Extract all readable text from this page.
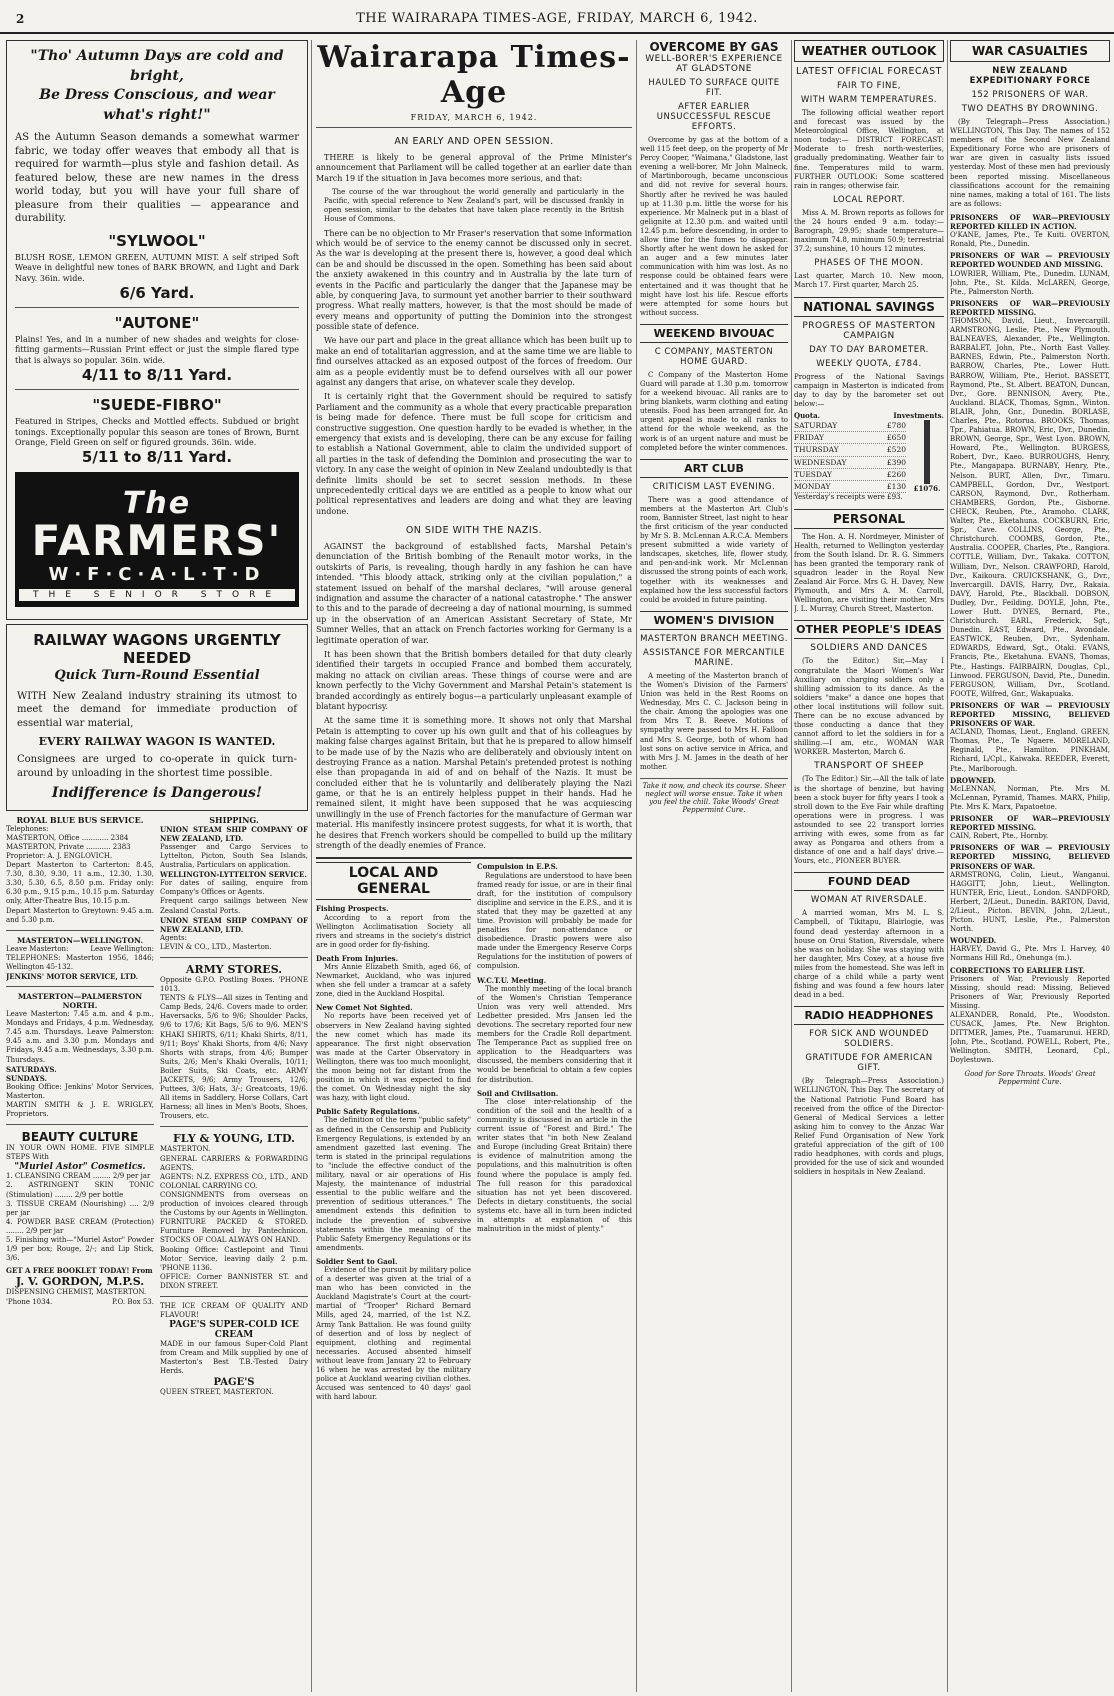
2	THE WAIRARAPA TIMES-AGE, FRIDAY, MARCH 6, 1942.
"Tho' Autumn Days are cold and bright,
Be Dress Conscious, and wear what's right!"
AS the Autumn Season demands a somewhat warmer fabric, we today offer weaves that embody all that is required for warmth—plus style and fashion detail. As featured below, these are new names in the dress world today, but you will have your full share of pleasure from their qualities — appearance and durability.
"SYLWOOL"
BLUSH ROSE, LEMON GREEN, AUTUMN MIST. A self striped Soft Weave in delightful new tones of BARK BROWN, and Light and Dark Navy. 36in. wide.
6/6 Yard.
"AUTONE"
Plains! Yes, and in a number of new shades and weights for close-fitting garments—Russian Print effect or just the simple flared type that is always so popular. 36in. wide.
4/11 to 8/11 Yard.
"SUEDE-FIBRO"
Featured in Stripes, Checks and Mottled effects. Subdued or bright tonings. Exceptionally popular this season are tones of Brown, Burnt Orange, Field Green on self or figured grounds. 36in. wide.
5/11 to 8/11 Yard.
The FARMERS'
W·F·C·A·L·T·D
THE SENIOR STORE
RAILWAY WAGONS URGENTLY NEEDED
Quick Turn-Round Essential
WITH New Zealand industry straining its utmost to meet the demand for immediate production of essential war material,
EVERY RAILWAY WAGON IS WANTED.
Consignees are urged to co-operate in quick turn-around by unloading in the shortest time possible.
Indifference is Dangerous!
ROYAL BLUE BUS SERVICE.
Telephones:
MASTERTON, Office ............ 2384
MASTERTON, Private ........... 2383
Proprietor: A. J. ENGLOVICH.
Depart Masterton to Carterton: 8.45, 7.30, 8.30, 9.30, 11 a.m., 12.30, 1.30, 3.30, 5.30, 6.5, 8.50 p.m. Friday only: 6.30 p.m., 9.15 p.m., 10.15 p.m. Saturday only, After-Theatre Bus, 10.15 p.m.
Depart Masterton to Greytown: 9.45 a.m. and 5.30 p.m.
MASTERTON—WELLINGTON.
Leave Masterton:	Leave Wellington:
TELEPHONES: Masterton 1956, 1846; Wellington 45-132.
JENKINS' MOTOR SERVICE, LTD.
MASTERTON—PALMERSTON NORTH.
Leave Masterton: 7.45 a.m. and 4 p.m., Mondays and Fridays, 4 p.m. Wednesday, 7.45 a.m. Thursdays. Leave Palmerston: 9.45 a.m. and 3.30 p.m. Mondays and Fridays, 9.45 a.m. Wednesdays, 3.30 p.m. Thursdays.
SATURDAYS.
SUNDAYS.
Booking Office: Jenkins' Motor Services, Masterton.
MARTIN SMITH & J. E. WRIGLEY, Proprietors.
BEAUTY CULTURE
IN YOUR OWN HOME. FIVE SIMPLE STEPS With
"Muriel Astor" Cosmetics.
1. CLEANSING CREAM ........ 2/9 per jar
2. ASTRINGENT SKIN TONIC (Stimulation) ........ 2/9 per bottle
3. TISSUE CREAM (Nourishing) .... 2/9 per jar
4. POWDER BASE CREAM (Protection) ........ 2/9 per jar
5. Finishing with—"Muriel Astor" Powder 1/9 per box; Rouge, 2/-; and Lip Stick, 3/6.
GET A FREE BOOKLET TODAY! From
J. V. GORDON, M.P.S.
DISPENSING CHEMIST, MASTERTON.
'Phone 1034.	P.O. Box 53.
SHIPPING.
UNION STEAM SHIP COMPANY OF NEW ZEALAND, LTD.
Passenger and Cargo Services to Lyttelton, Picton, South Sea Islands, Australia, Particulars on application.
WELLINGTON-LYTTELTON SERVICE.
For dates of sailing, enquire from Company's Offices or Agents.
Frequent cargo sailings between New Zealand Coastal Ports.
UNION STEAM SHIP COMPANY OF NEW ZEALAND, LTD.
Agents:
LEVIN & CO., LTD., Masterton.
ARMY STORES.
Opposite G.P.O. Postling Boxes. 'PHONE 1013.
TENTS & FLYS—All sizes in Tenting and Camp Beds, 24/6. Covers made to order. Haversacks, 5/6 to 9/6; Shoulder Packs, 9/6 to 17/6; Kit Bags, 5/6 to 9/6. MEN'S KHAKI SHIRTS, 6/11; Khaki Shirts, 8/11, 9/11; Boys' Khaki Shorts, from 4/6; Navy Shorts with straps, from 4/6; Bumper Suits, 2/6; Men's Khaki Overalls, 10/11; Boiler Suits, Ski Coats, etc. ARMY JACKETS, 9/6; Army Trousers, 12/6; Puttees, 3/6; Hats, 3/-; Greatcoats, 19/6. All items in Saddlery, Horse Collars, Cart Harness; all lines in Men's Boots, Shoes, Trousers, etc.
FLY & YOUNG, LTD.
MASTERTON.
GENERAL CARRIERS & FORWARDING AGENTS.
AGENTS: N.Z. EXPRESS CO., LTD., AND COLONIAL CARRYING CO.
CONSIGNMENTS from overseas on production of invoices cleared through the Customs by our Agents in Wellington. FURNITURE PACKED & STORED. Furniture Removed by Pantechnicon. STOCKS OF COAL ALWAYS ON HAND.
Booking Office: Castlepoint and Tinui Motor Service, leaving daily 2 p.m. 'PHONE 1136.
OFFICE: Corner BANNISTER ST. and DIXON STREET.
THE ICE CREAM OF QUALITY AND FLAVOUR!
PAGE'S SUPER-COLD ICE CREAM
MADE in our famous Super-Cold Plant from Cream and Milk supplied by one of Masterton's Best T.B.-Tested Dairy Herds.
PAGE'S
QUEEN STREET, MASTERTON.
Wairarapa Times-Age
FRIDAY, MARCH 6, 1942.
AN EARLY AND OPEN SESSION.
THERE is likely to be general approval of the Prime Minister's announcement that Parliament will be called together at an earlier date than March 19 if the situation in Java becomes more serious, and that:
The course of the war throughout the world generally and particularly in the Pacific, with special reference to New Zealand's part, will be discussed frankly in open session, similar to the debates that have taken place recently in the British House of Commons.
There can be no objection to Mr Fraser's reservation that some information which would be of service to the enemy cannot be discussed only in secret. As the war is developing at the present there is, however, a good deal which can be and should be discussed in the open. Something has been said about the anxiety awakened in this country and in Australia by the late turn of events in the Pacific and particularly the danger that the Japanese may be able, by conquering Java, to surmount yet another barrier to their southward progress. What really matters, however, is that the most should be made of every means and opportunity of putting the Dominion into the strongest possible state of defence.
We have our part and place in the great alliance which has been built up to make an end of totalitarian aggression, and at the same time we are liable to find ourselves attacked as an exposed outpost of the forces of freedom. Our aim as a people evidently must be to defend ourselves with all our power against any dangers that arise, on whatever scale they develop.
It is certainly right that the Government should be required to satisfy Parliament and the community as a whole that every practicable preparation is being made for defence. There must be full scope for criticism and constructive suggestion. One question hardly to be evaded is whether, in the emergency that exists and is developing, there can be any excuse for failing to establish a National Government, able to claim the undivided support of all parties in the task of defending the Dominion and prosecuting the war to victory. In any case the weight of opinion in New Zealand undoubtedly is that definite limits should be set to secret session methods. In these unprecedentedly critical days we are entitled as a people to know what our political representatives and leaders are doing and what they are leaving undone.
ON SIDE WITH THE NAZIS.
AGAINST the background of established facts, Marshal Petain's denunciation of the British bombing of the Renault motor works, in the outskirts of Paris, is revealing, though hardly in any fashion he can have intended. "This bloody attack, striking only at the civilian population," a statement issued on behalf of the marshal declares, "will arouse general indignation and assume the character of a national catastrophe." The answer to this and to the parade of decreeing a day of national mourning, is summed up in the observation of an American Assistant Secretary of State, Mr Sumner Welles, that an attack on French factories working for Germany is a legitimate operation of war.
It has been shown that the British bombers detailed for that duty clearly identified their targets in occupied France and bombed them accurately, making no attack on civilian areas. These things of course were and are known perfectly to the Vichy Government and Marshal Petain's statement is branded accordingly as entirely bogus—a particularly unpleasant example of blatant hypocrisy.
At the same time it is something more. It shows not only that Marshal Petain is attempting to cover up his own guilt and that of his colleagues by making false charges against Britain, but that he is prepared to allow himself to be made use of by the Nazis who are deliberately and obviously intent on destroying France as a nation. Marshal Petain's pretended protest is nothing else than propaganda in aid of and on behalf of the Nazis. It must be concluded either that he is voluntarily and deliberately playing the Nazi game, or that he is an entirely helpless puppet in their hands. Had he remained silent, it might have been supposed that he was acquiescing unwillingly in the use of French factories for the manufacture of German war material. His manifestly insincere protest suggests, for what it is worth, that he desires that French workers should be compelled to build up the military strength of the deadly enemies of France.
LOCAL AND GENERAL
Fishing Prospects.
According to a report from the Wellington Acclimatisation Society all rivers and streams in the society's district are in good order for fly-fishing.
Death From Injuries.
Mrs Annie Elizabeth Smith, aged 66, of Newmarket, Auckland, who was injured when she fell under a tramcar at a safety zone, died in the Auckland Hospital.
New Comet Not Sighted.
No reports have been received yet of observers in New Zealand having sighted the new comet which has made its appearance. The first night observation was made at the Carter Observatory in Wellington, there was too much moonlight, the moon being not far distant from the position in which it was expected to find the comet. On Wednesday night the sky was hazy, with light cloud.
Public Safety Regulations.
The definition of the term "public safety" as defined in the Censorship and Publicity Emergency Regulations, is extended by an amendment gazetted last evening. The term is stated in the principal regulations to "include the effective conduct of the military, naval or air operations of His Majesty, the maintenance of industrial essential to the public welfare and the prevention of seditious utterances." The amendment extends this definition to include the prevention of subversive statements within the meaning of the Public Safety Emergency Regulations or its amendments.
Soldier Sent to Gaol.
Evidence of the pursuit by military police of a deserter was given at the trial of a man who has been convicted in the Auckland Magistrate's Court at the court-martial of "Trooper" Richard Bernard Mills, aged 24, married, of the 1st N.Z. Army Tank Battalion. He was found guilty of desertion and of loss by neglect of equipment, clothing and regimental necessaries. Accused absented himself without leave from January 22 to February 16 when he was arrested by the military police at Auckland wearing civilian clothes. Accused was sentenced to 40 days' gaol with hard labour.
Compulsion in E.P.S.
Regulations are understood to have been framed ready for issue, or are in their final draft, for the institution of compulsory discipline and service in the E.P.S., and it is stated that they may be gazetted at any time. Provision will probably be made for penalties for non-attendance or disobedience. Drastic powers were also made under the Emergency Reserve Corps Regulations for the institution of powers of compulsion.
W.C.T.U. Meeting.
The monthly meeting of the local branch of the Women's Christian Temperance Union was very well attended. Mrs Ledbetter presided. Mrs Jansen led the devotions. The secretary reported four new members for the Cradle Roll department. The Temperance Pact as supplied free on application to the Headquarters was discussed, the members considering that it would be beneficial to obtain a few copies for distribution.
Soil and Civilisation.
The close inter-relationship of the condition of the soil and the health of a community is discussed in an article in the current issue of "Forest and Bird." The writer states that "in both New Zealand and Europe (including Great Britain) there is evidence of malnutrition among the populations, and this malnutrition is often found where the populace is amply fed. The full reason for this paradoxical situation has not yet been discovered. Defects in dietary constituents, the social systems etc. have all in turn been indicted in attempts at explanation of this malnutrition in the midst of plenty."
OVERCOME BY GAS
WELL-BORER'S EXPERIENCE AT GLADSTONE
HAULED TO SURFACE QUITE FIT.
AFTER EARLIER UNSUCCESSFUL RESCUE EFFORTS.
Overcome by gas at the bottom of a well 115 feet deep, on the property of Mr Percy Cooper, "Waimana," Gladstone, last evening a well-borer, Mr John Malneck, of Martinborough, became unconscious and did not revive for several hours. Shortly after he revived he was hauled up at 11.30 p.m. little the worse for his experience. Mr Malneck put in a blast of gelignite at 12.30 p.m. and waited until 12.45 p.m. before descending, in order to allow time for the fumes to disappear. Shortly after he went down he asked for an auger and a few minutes later communication with him was lost. As no response could be obtained fears were entertained and it was thought that he might have lost his life. Rescue efforts were attempted for some hours but without success.
WEEKEND BIVOUAC
C COMPANY, MASTERTON HOME GUARD.
C Company of the Masterton Home Guard will parade at 1.30 p.m. tomorrow for a weekend bivouac. All ranks are to bring blankets, warm clothing and eating utensils. Food has been arranged for. An urgent appeal is made to all ranks to attend for the whole weekend, as the work is of an urgent nature and must be completed before the winter commences.
ART CLUB
CRITICISM LAST EVENING.
There was a good attendance of members at the Masterton Art Club's room, Bannister Street, last night to hear the first criticism of the year conducted by Mr S. B. McLennan A.R.C.A. Members present submitted a wide variety of landscapes, sketches, life, flower study, and pen-and-ink work. Mr McLennan discussed the strong points of each work, together with its weaknesses and explained how the less successful factors could be avoided in future painting.
WOMEN'S DIVISION
MASTERTON BRANCH MEETING.
ASSISTANCE FOR MERCANTILE MARINE.
A meeting of the Masterton branch of the Women's Division of the Farmers' Union was held in the Rest Rooms on Wednesday, Mrs C. C. Jackson being in the chair. Among the apologies was one from Mrs T. B. Reeve. Motions of sympathy were passed to Mrs H. Falloon and Mrs S. George, both of whom had lost sons on active service in Africa, and with Mrs J. M. James in the death of her mother.
Take it now, and check its course. Sheer neglect will worse ensue. Take it when you feel the chill. Take Woods' Great Peppermint Cure.
WEATHER OUTLOOK
LATEST OFFICIAL FORECAST
FAIR TO FINE,
WITH WARM TEMPERATURES.
The following official weather report and forecast was issued by the Meteorological Office, Wellington, at noon today:— DISTRICT FORECAST: Moderate to fresh north-westerlies, gradually predominating. Weather fair to fine. Temperatures mild to warm. FURTHER OUTLOOK: Some scattered rain in ranges; otherwise fair.
LOCAL REPORT.
Miss A. M. Brown reports as follows for the 24 hours ended 9 a.m. today:— Barograph, 29.95; shade temperature—maximum 74.8, minimum 50.9; terrestrial 37.2; sunshine, 10 hours 12 minutes.
PHASES OF THE MOON.
Last quarter, March 10. New moon, March 17. First quarter, March 25.
NATIONAL SAVINGS
PROGRESS OF MASTERTON CAMPAIGN
DAY TO DAY BAROMETER.
WEEKLY QUOTA, £784.
Progress of the National Savings campaign in Masterton is indicated from day to day by the barometer set out below:—
Quota.	Investments.
SATURDAY	£780
FRIDAY	£650
THURSDAY	£520
WEDNESDAY	£390
TUESDAY	£260
MONDAY	£130 £1076.
Yesterday's receipts were £93.
PERSONAL
The Hon. A. H. Nordmeyer, Minister of Health, returned to Wellington yesterday from the South Island. Dr. R. G. Simmers has been granted the temporary rank of squadron leader in the Royal New Zealand Air Force. Mrs G. H. Davey, New Plymouth, and Mrs A. M. Carroll, Wellington, are visiting their mother, Mrs J. L. Murray, Church Street, Masterton.
OTHER PEOPLE'S IDEAS
SOLDIERS AND DANCES
(To the Editor.) Sir,—May I congratulate the Maori Women's War Auxiliary on charging soldiers only a shilling admission to its dance. As the soldiers "make" a dance one hopes that other local institutions will follow suit. There can be no excuse advanced by those conducting a dance that they cannot afford to let the soldiers in for a shilling.—I am, etc., WOMAN WAR WORKER. Masterton, March 6.
TRANSPORT OF SHEEP
(To The Editor.) Sir,—All the talk of late is the shortage of benzine, but having been a stock buyer for fifty years I took a stroll down to the Eve Fair while drafting operations were in progress. I was astounded to see 22 transport lorries arriving with ewes, some from as far away as Pongaroa and others from a distance of one and a half days' drive.—Yours, etc., PIONEER BUYER.
FOUND DEAD
WOMAN AT RIVERSDALE.
A married woman, Mrs M. L. S. Campbell, of Tikitapu, Blairlogie, was found dead yesterday afternoon in a house on Orui Station, Riversdale, where she was on holiday. She was staying with her daughter, Mrs Coxey, at a house five miles from the homestead. She was left in charge of a child while a party went fishing and was found a few hours later dead in a bed.
RADIO HEADPHONES
FOR SICK AND WOUNDED SOLDIERS.
GRATITUDE FOR AMERICAN GIFT.
(By Telegraph—Press Association.) WELLINGTON, This Day. The secretary of the National Patriotic Fund Board has received from the office of the Director-General of Medical Services a letter asking him to convey to the Anzac War Relief Fund Organisation of New York grateful appreciation of the gift of 100 radio headphones, with cords and plugs, provided for the use of sick and wounded soldiers in hospitals in New Zealand.
WAR CASUALTIES
NEW ZEALAND EXPEDITIONARY FORCE
152 PRISONERS OF WAR.
TWO DEATHS BY DROWNING.
(By Telegraph—Press Association.) WELLINGTON, This Day. The names of 152 members of the Second New Zealand Expeditionary Force who are prisoners of war are given in casualty lists issued yesterday. Most of these men had previously been reported missing. Miscellaneous classifications account for the remaining nine names, making a total of 161. The lists are as follows:
PRISONERS OF WAR—PREVIOUSLY REPORTED KILLED IN ACTION.
O'KANE, James, Pte., Te Kuiti. OVERTON, Ronald, Pte., Dunedin.
PRISONERS OF WAR — PREVIOUSLY REPORTED WOUNDED AND MISSING.
LOWRIER, William, Pte., Dunedin. LUNAM, John, Pte., St. Kilda. McLAREN, George, Pte., Palmerston North.
PRISONERS OF WAR—PREVIOUSLY REPORTED MISSING.
THOMSON, David, Lieut., Invercargill. ARMSTRONG, Leslie, Pte., New Plymouth. BALNEAVES, Alexander, Pte., Wellington. BARBALET, John, Pte., North East Valley. BARNES, Edwin, Pte., Palmerston North. BARROW, Charles, Pte., Lower Hutt. BARROW, William, Pte., Heriot. BASSETT, Raymond, Pte., St. Albert. BEATON, Duncan, Dvr., Gore. BENNISON, Avery, Pte., Auckland. BLACK, Thomas, Sgmn., Winton. BLAIR, John, Gnr., Dunedin. BORLASE, Charles, Pte., Rotorua. BROOKS, Thomas, Tpr., Pahiatua. BROWN, Eric, Dvr., Dunedin. BROWN, George, Spr., West Lyon. BROWN, Howard, Pte., Wellington. BURGESS, Robert, Dvr., Kaeo. BURROUGHS, Henry, Pte., Mangapapa. BURNABY, Henry, Pte., Nelson. BURT, Allen, Dvr., Timaru. CAMPBELL, Gordon, Dvr., Westport. CARSON, Raymond, Dvr., Rotherham. CHAMBERS, Gordon, Pte., Gisborne. CHECK, Reuben, Pte., Aramoho. CLARK, Walter, Pte., Eketahuna. COCKBURN, Eric, Spr., Cave. COLLINS, George, Pte., Christchurch. COOMBS, Gordon, Pte., Australia. COOPER, Charles, Pte., Rangiora. COTTLE, William, Dvr., Takaka. COTTON, William, Dvr., Nelson. CRAWFORD, Harold, Dvr., Kaikoura. CRUICKSHANK, G., Dvr., Invercargill. DAVIS, Harry, Dvr., Rakaia. DAVY, Harold, Pte., Blackball. DOBSON, Dudley, Dvr., Feilding. DOYLE, John, Pte., Lower Hutt. DYNES, Bernard, Pte., Christchurch. EARL, Frederick, Sgt., Dunedin. EAST, Edward, Pte., Avondale. EASTWICK, Reuben, Dvr., Sydenham. EDWARDS, Edward, Sgt., Otaki. EVANS, Francis, Pte., Eketahuna. EVANS, Thomas, Pte., Hastings. FAIRBAIRN, Douglas, Cpl., Linwood. FERGUSON, David, Pte., Dunedin. FERGUSON, William, Dvr., Scotland. FOOTE, Wilfred, Gnr., Wakapuaka.
PRISONERS OF WAR — PREVIOUSLY REPORTED MISSING, BELIEVED PRISONERS OF WAR.
ACLAND, Thomas, Lieut., England. GREEN, Thomas, Pte., Te Ngaere. MORELAND, Reginald, Pte., Hamilton. PINKHAM, Richard, L/Cpl., Kaiwaka. REEDER, Everett, Pte., Marlborough.
DROWNED.
McLENNAN, Norman, Pte. Mrs M. McLennan, Pyramid, Thames. MARX, Philip, Pte. Mrs K. Marx, Papatoetoe.
PRISONER OF WAR—PREVIOUSLY REPORTED MISSING.
CAIN, Robert, Pte., Hornby.
PRISONERS OF WAR — PREVIOUSLY REPORTED MISSING, BELIEVED PRISONERS OF WAR.
ARMSTRONG, Colin, Lieut., Wanganui. HAGGITT, John, Lieut., Wellington. HUNTER, Eric, Lieut., London. SANDFORD, Herbert, 2/Lieut., Dunedin. BARTON, David, 2/Lieut., Picton. BEVIN, John, 2/Lieut., Picton. HUNT, Leslie, Pte., Palmerston North.
WOUNDED.
HARVEY, David G., Pte. Mrs I. Harvey, 40 Normans Hill Rd., Onehunga (m.).
CORRECTIONS TO EARLIER LIST.
Prisoners of War, Previously Reported Missing, should read: Missing, Believed Prisoners of War, Previously Reported Missing.
ALEXANDER, Ronald, Pte., Woodston. CUSACK, James, Pte. New Brighton. DITTMER, James, Pte., Tuamarunui. HERD, John, Pte., Scotland. POWELL, Robert, Pte., Wellington. SMITH, Leonard, Cpl., Doylestown.
Good for Sore Throats. Woods' Great Peppermint Cure.
